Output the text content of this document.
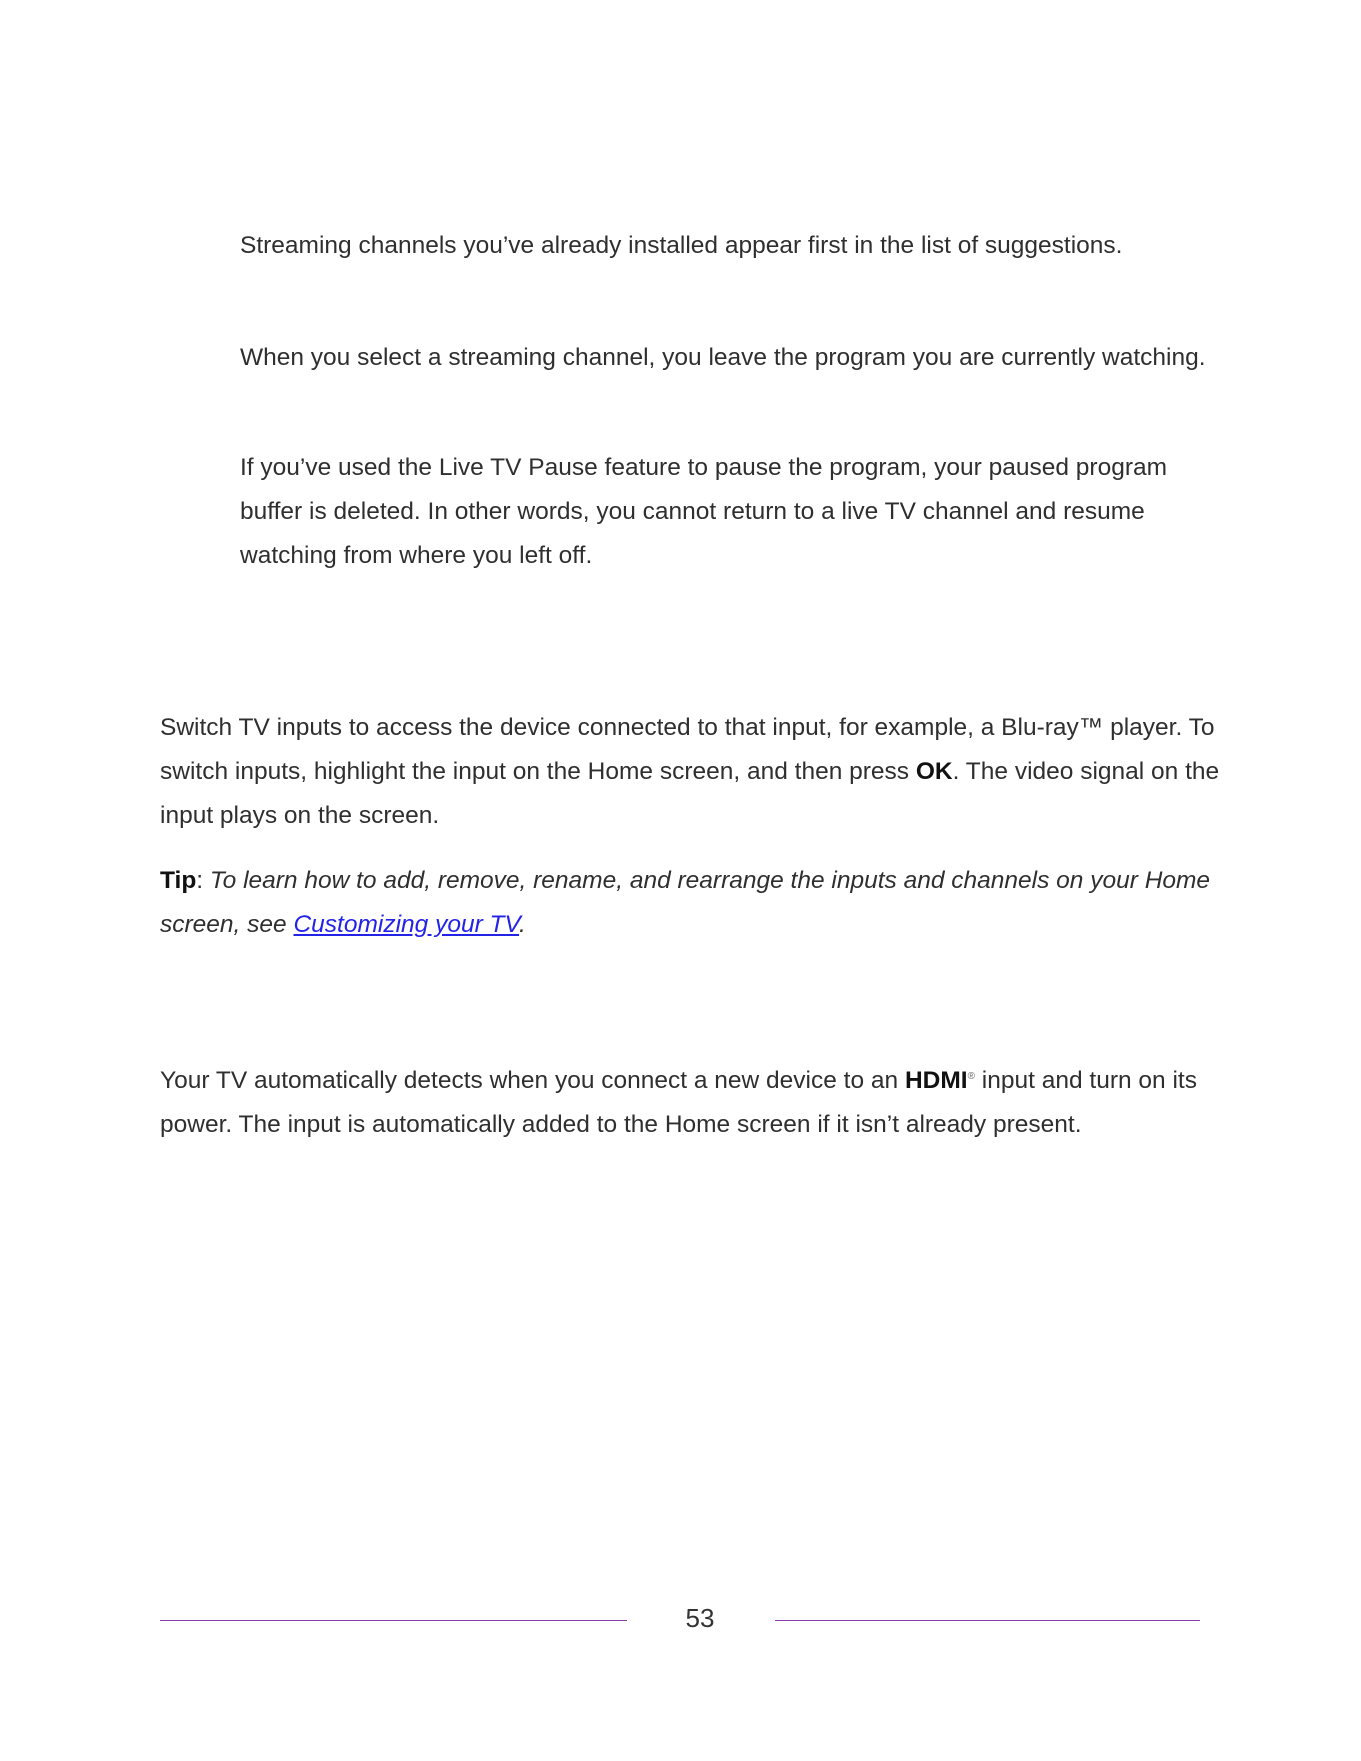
Streaming channels you’ve already installed appear first in the list of suggestions.

When you select a streaming channel, you leave the program you are currently watching.

If you’ve used the Live TV Pause feature to pause the program, your paused program buffer is deleted. In other words, you cannot return to a live TV channel and resume watching from where you left off.

Switch TV inputs to access the device connected to that input, for example, a Blu-ray™ player. To switch inputs, highlight the input on the Home screen, and then press OK. The video signal on the input plays on the screen.

Tip: To learn how to add, remove, rename, and rearrange the inputs and channels on your Home screen, see Customizing your TV.

Your TV automatically detects when you connect a new device to an HDMI® input and turn on its power. The input is automatically added to the Home screen if it isn’t already present.

53
